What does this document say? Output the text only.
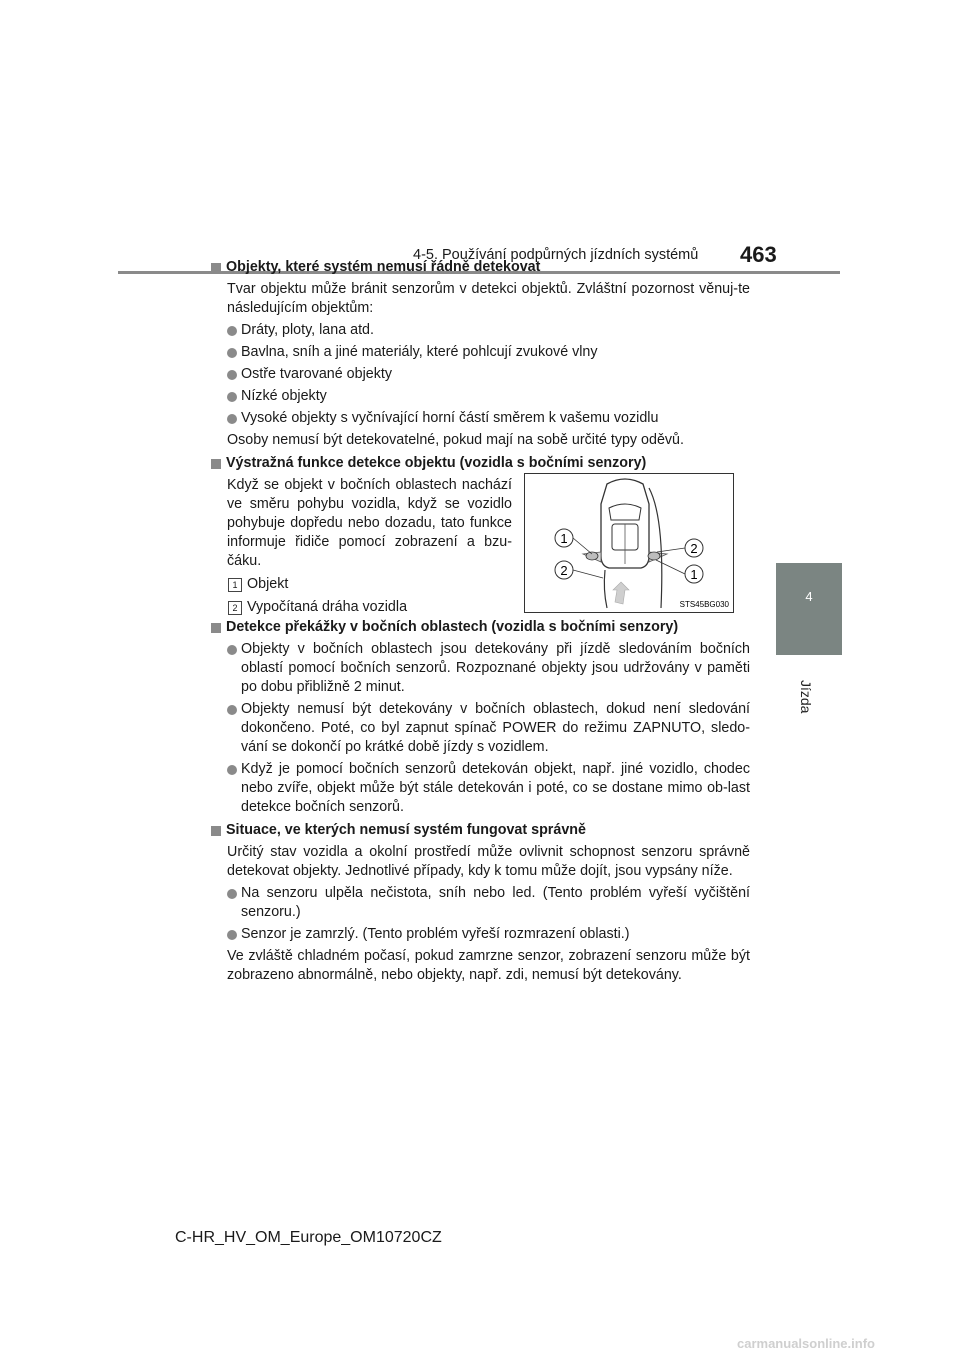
4-5. Používání podpůrných jízdních systémů 463
4
Jízda
Objekty, které systém nemusí řádně detekovat
Tvar objektu může bránit senzorům v detekci objektů. Zvláštní pozornost věnuj-te následujícím objektům:
Dráty, ploty, lana atd.
Bavlna, sníh a jiné materiály, které pohlcují zvukové vlny
Ostře tvarované objekty
Nízké objekty
Vysoké objekty s vyčnívající horní částí směrem k vašemu vozidlu
Osoby nemusí být detekovatelné, pokud mají na sobě určité typy oděvů.
Výstražná funkce detekce objektu (vozidla s bočními senzory)
Když se objekt v bočních oblastech nachází ve směru pohybu vozidla, když se vozidlo pohybuje dopředu nebo dozadu, tato funkce informuje řidiče pomocí zobrazení a bzu-čáku.
1 Objekt
2 Vypočítaná dráha vozidla
1
2
2
1
STS45BG030
Detekce překážky v bočních oblastech (vozidla s bočními senzory)
Objekty v bočních oblastech jsou detekovány při jízdě sledováním bočních oblastí pomocí bočních senzorů. Rozpoznané objekty jsou udržovány v paměti po dobu přibližně 2 minut.
Objekty nemusí být detekovány v bočních oblastech, dokud není sledování dokončeno. Poté, co byl zapnut spínač POWER do režimu ZAPNUTO, sledo-vání se dokončí po krátké době jízdy s vozidlem.
Když je pomocí bočních senzorů detekován objekt, např. jiné vozidlo, chodec nebo zvíře, objekt může být stále detekován i poté, co se dostane mimo ob-last detekce bočních senzorů.
Situace, ve kterých nemusí systém fungovat správně
Určitý stav vozidla a okolní prostředí může ovlivnit schopnost senzoru správně detekovat objekty. Jednotlivé případy, kdy k tomu může dojít, jsou vypsány níže.
Na senzoru ulpěla nečistota, sníh nebo led. (Tento problém vyřeší vyčištění senzoru.)
Senzor je zamrzlý. (Tento problém vyřeší rozmrazení oblasti.)
Ve zvláště chladném počasí, pokud zamrzne senzor, zobrazení senzoru může být zobrazeno abnormálně, nebo objekty, např. zdi, nemusí být detekovány.
C-HR_HV_OM_Europe_OM10720CZ
carmanualsonline.info
